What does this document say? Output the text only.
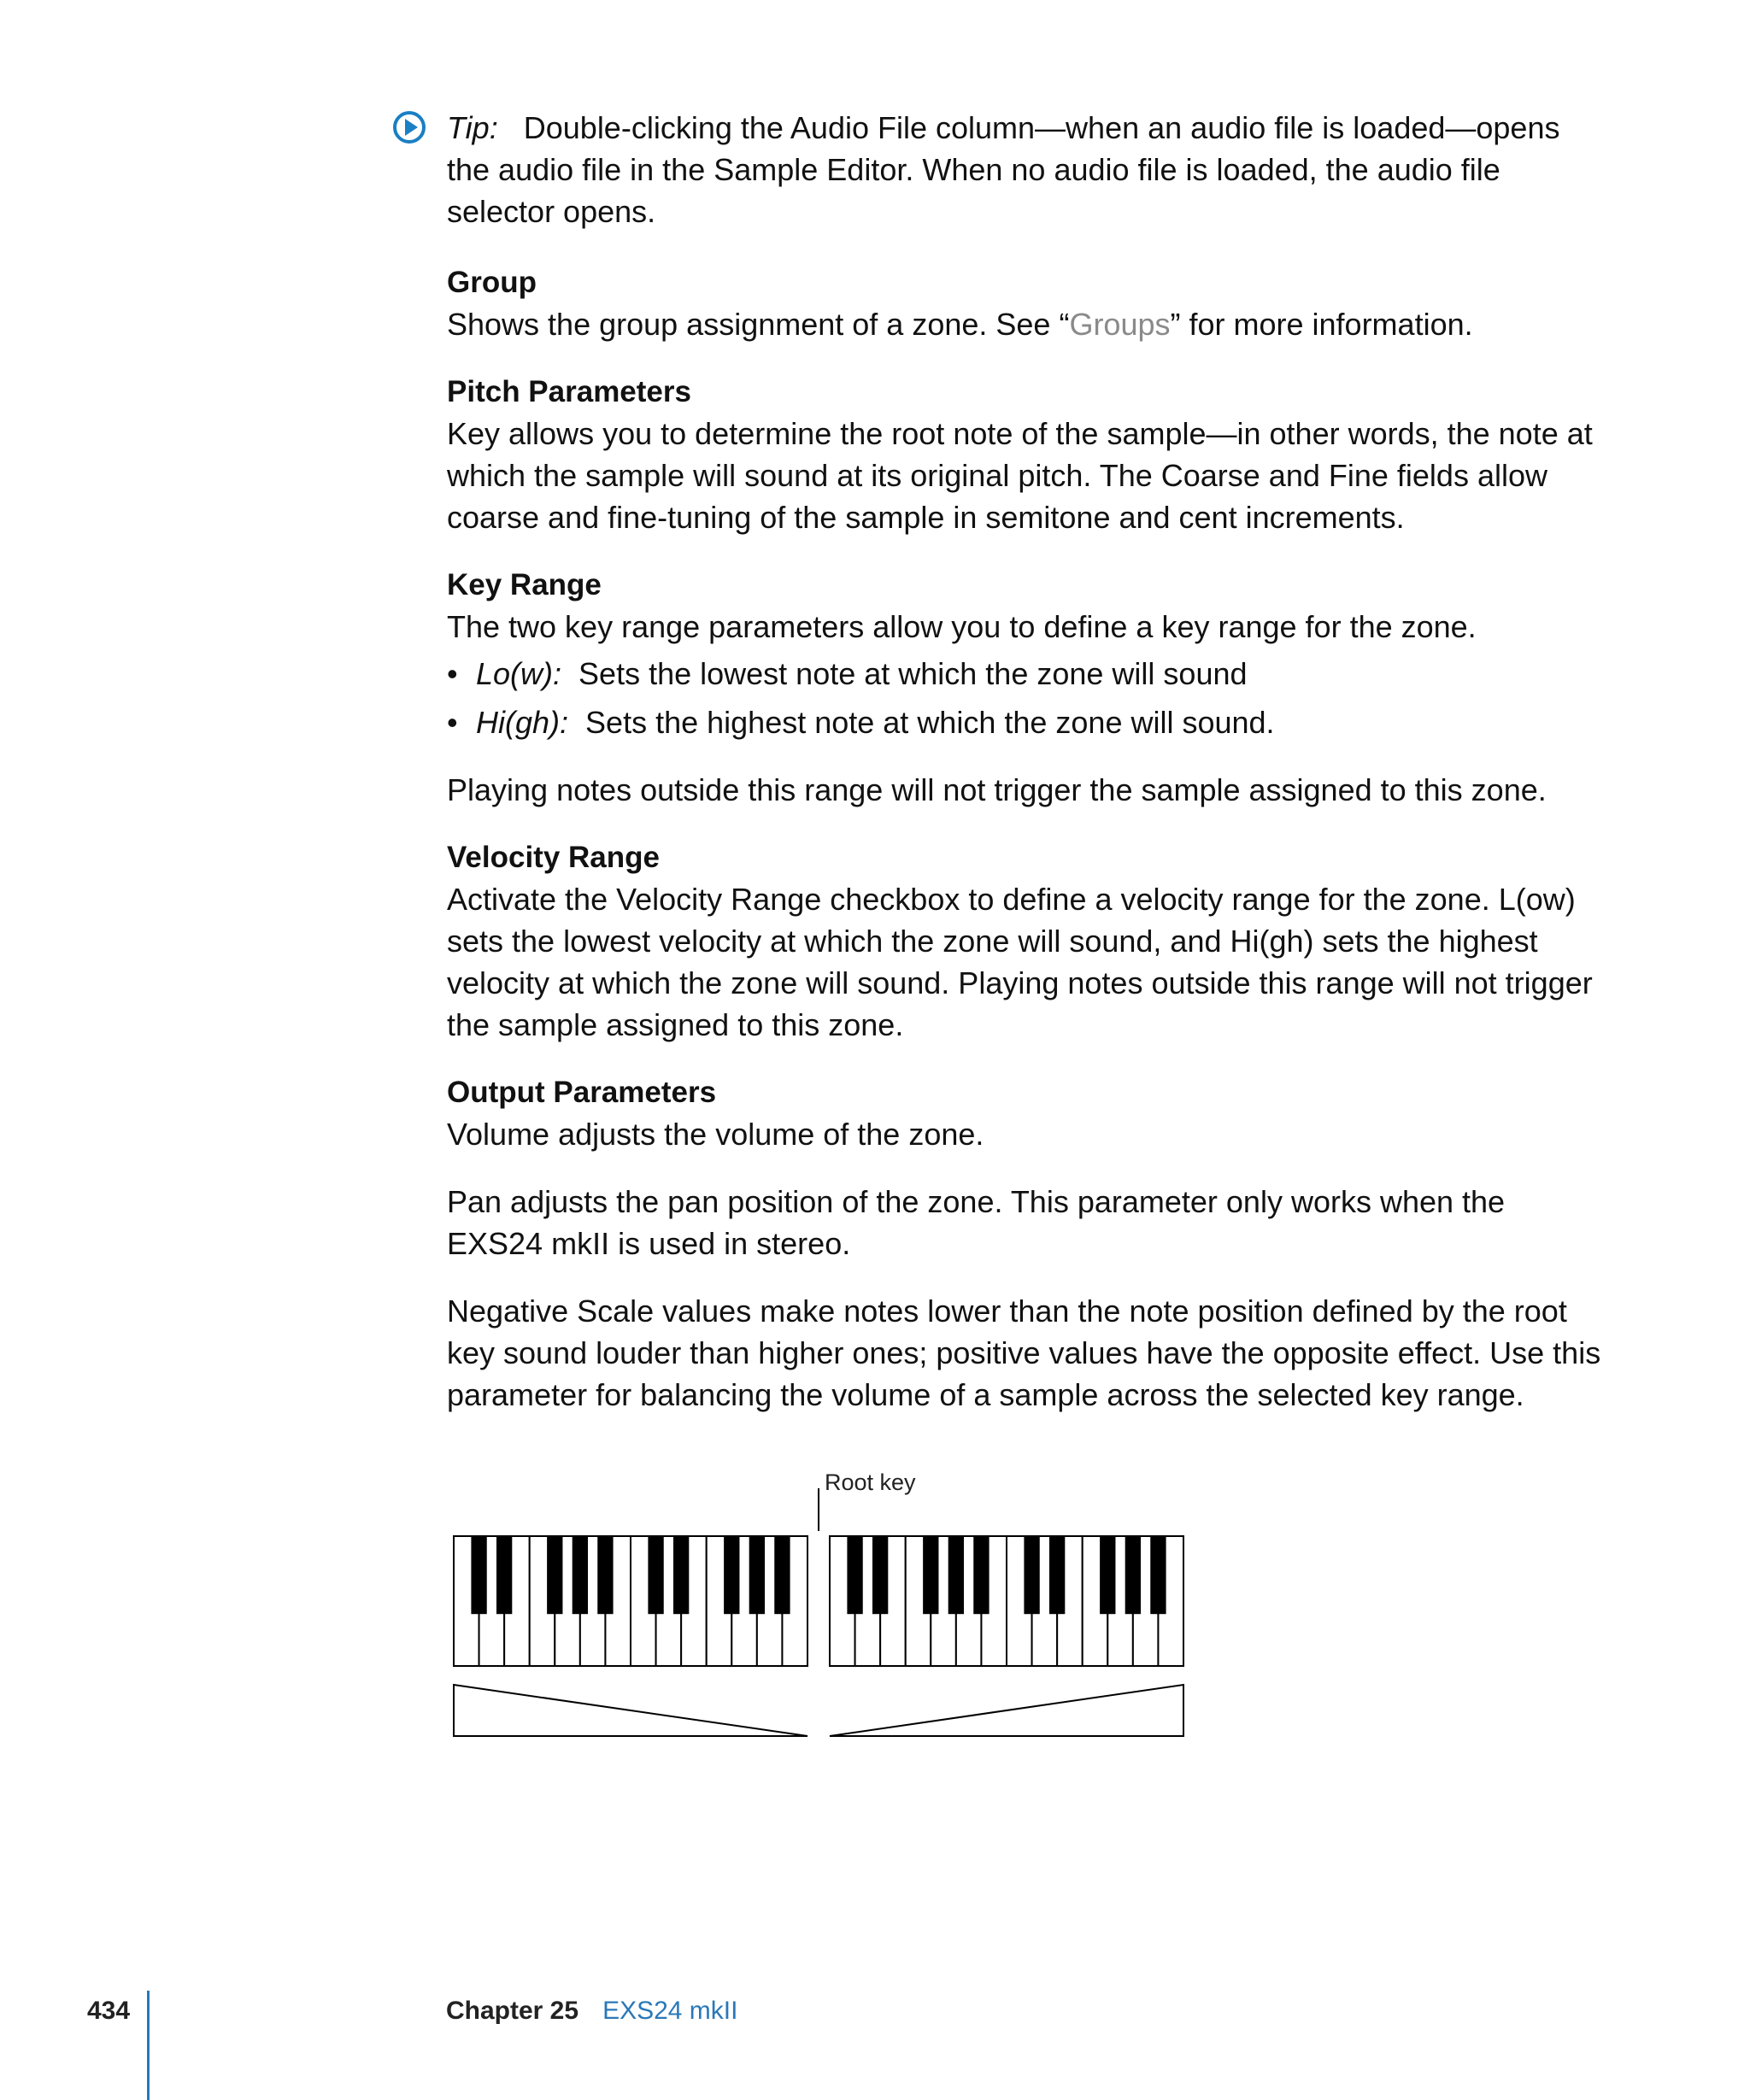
Tip: Double-clicking the Audio File column—when an audio file is loaded—opens the audio file in the Sample Editor. When no audio file is loaded, the audio file selector opens.
Group
Shows the group assignment of a zone. See “Groups” for more information.
Pitch Parameters
Key allows you to determine the root note of the sample—in other words, the note at which the sample will sound at its original pitch. The Coarse and Fine fields allow coarse and fine-tuning of the sample in semitone and cent increments.
Key Range
The two key range parameters allow you to define a key range for the zone.
• Lo(w): Sets the lowest note at which the zone will sound
• Hi(gh): Sets the highest note at which the zone will sound.

Playing notes outside this range will not trigger the sample assigned to this zone.

Velocity Range
Activate the Velocity Range checkbox to define a velocity range for the zone. L(ow) sets the lowest velocity at which the zone will sound, and Hi(gh) sets the highest velocity at which the zone will sound. Playing notes outside this range will not trigger the sample assigned to this zone.
Output Parameters

Volume adjusts the volume of the zone.

Pan adjusts the pan position of the zone. This parameter only works when the EXS24 mkII is used in stereo.

Negative Scale values make notes lower than the note position defined by the root key sound louder than higher ones; positive values have the opposite effect. Use this parameter for balancing the volume of a sample across the selected key range.

Root key
434	Chapter 25 EXS24 mkII
